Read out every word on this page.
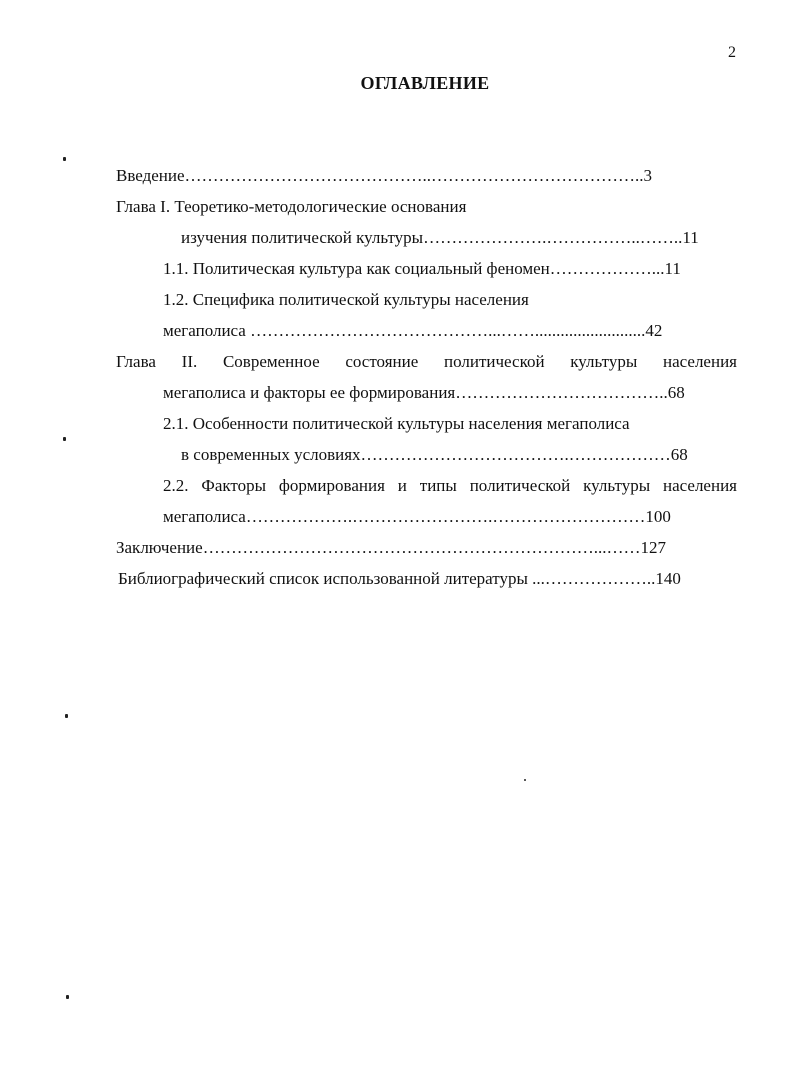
2
ОГЛАВЛЕНИЕ
Введение……………………………………..………………………………..3
Глава I. Теоретико-методологические основания
изучения политической культуры………………….……………..……..11
1.1. Политическая культура как социальный феномен………………...11
1.2. Специфика политической культуры населения
мегаполиса ……………………………………...……..........................42
Глава II. Современное состояние политической культуры населения
мегаполиса и факторы ее формирования………………………………..68
2.1. Особенности политической культуры населения мегаполиса
в современных условиях……………………………….………………68
2.2. Факторы формирования и типы политической культуры населения
мегаполиса……………….…………………….………………………100
Заключение……………………………………………………………...……127
Библиографический список использованной литературы ...………………..140
